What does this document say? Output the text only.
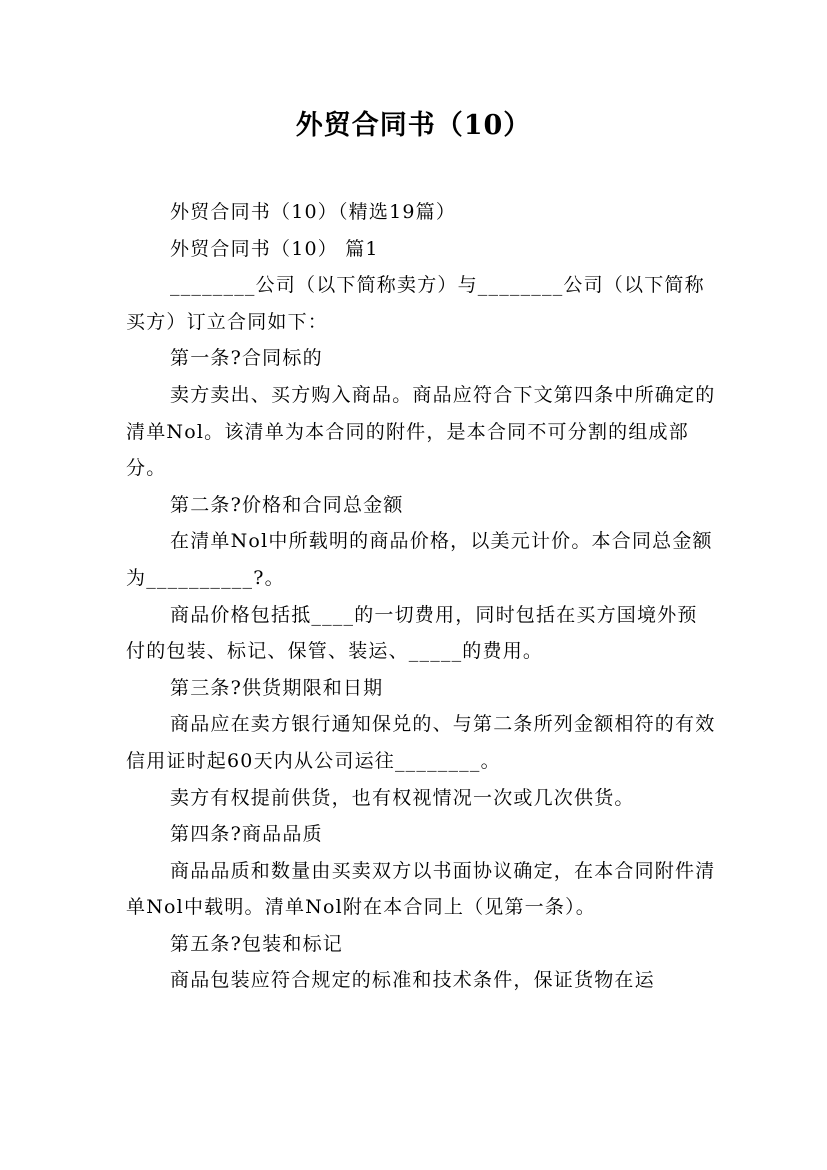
外贸合同书（10）

外贸合同书（10）（精选19篇）

外贸合同书（10） 篇1

________公司（以下简称卖方）与________公司（以下简称买方）订立合同如下：

第一条?合同标的

卖方卖出、买方购入商品。商品应符合下文第四条中所确定的清单Nol。该清单为本合同的附件，是本合同不可分割的组成部分。

第二条?价格和合同总金额

在清单Nol中所载明的商品价格，以美元计价。本合同总金额为__________?。

商品价格包括抵____的一切费用，同时包括在买方国境外预付的包装、标记、保管、装运、_____的费用。

第三条?供货期限和日期

商品应在卖方银行通知保兑的、与第二条所列金额相符的有效信用证时起60天内从公司运往________。

卖方有权提前供货，也有权视情况一次或几次供货。

第四条?商品品质

商品品质和数量由买卖双方以书面协议确定，在本合同附件清单Nol中载明。清单Nol附在本合同上（见第一条）。

第五条?包装和标记

商品包装应符合规定的标准和技术条件，保证货物在运
